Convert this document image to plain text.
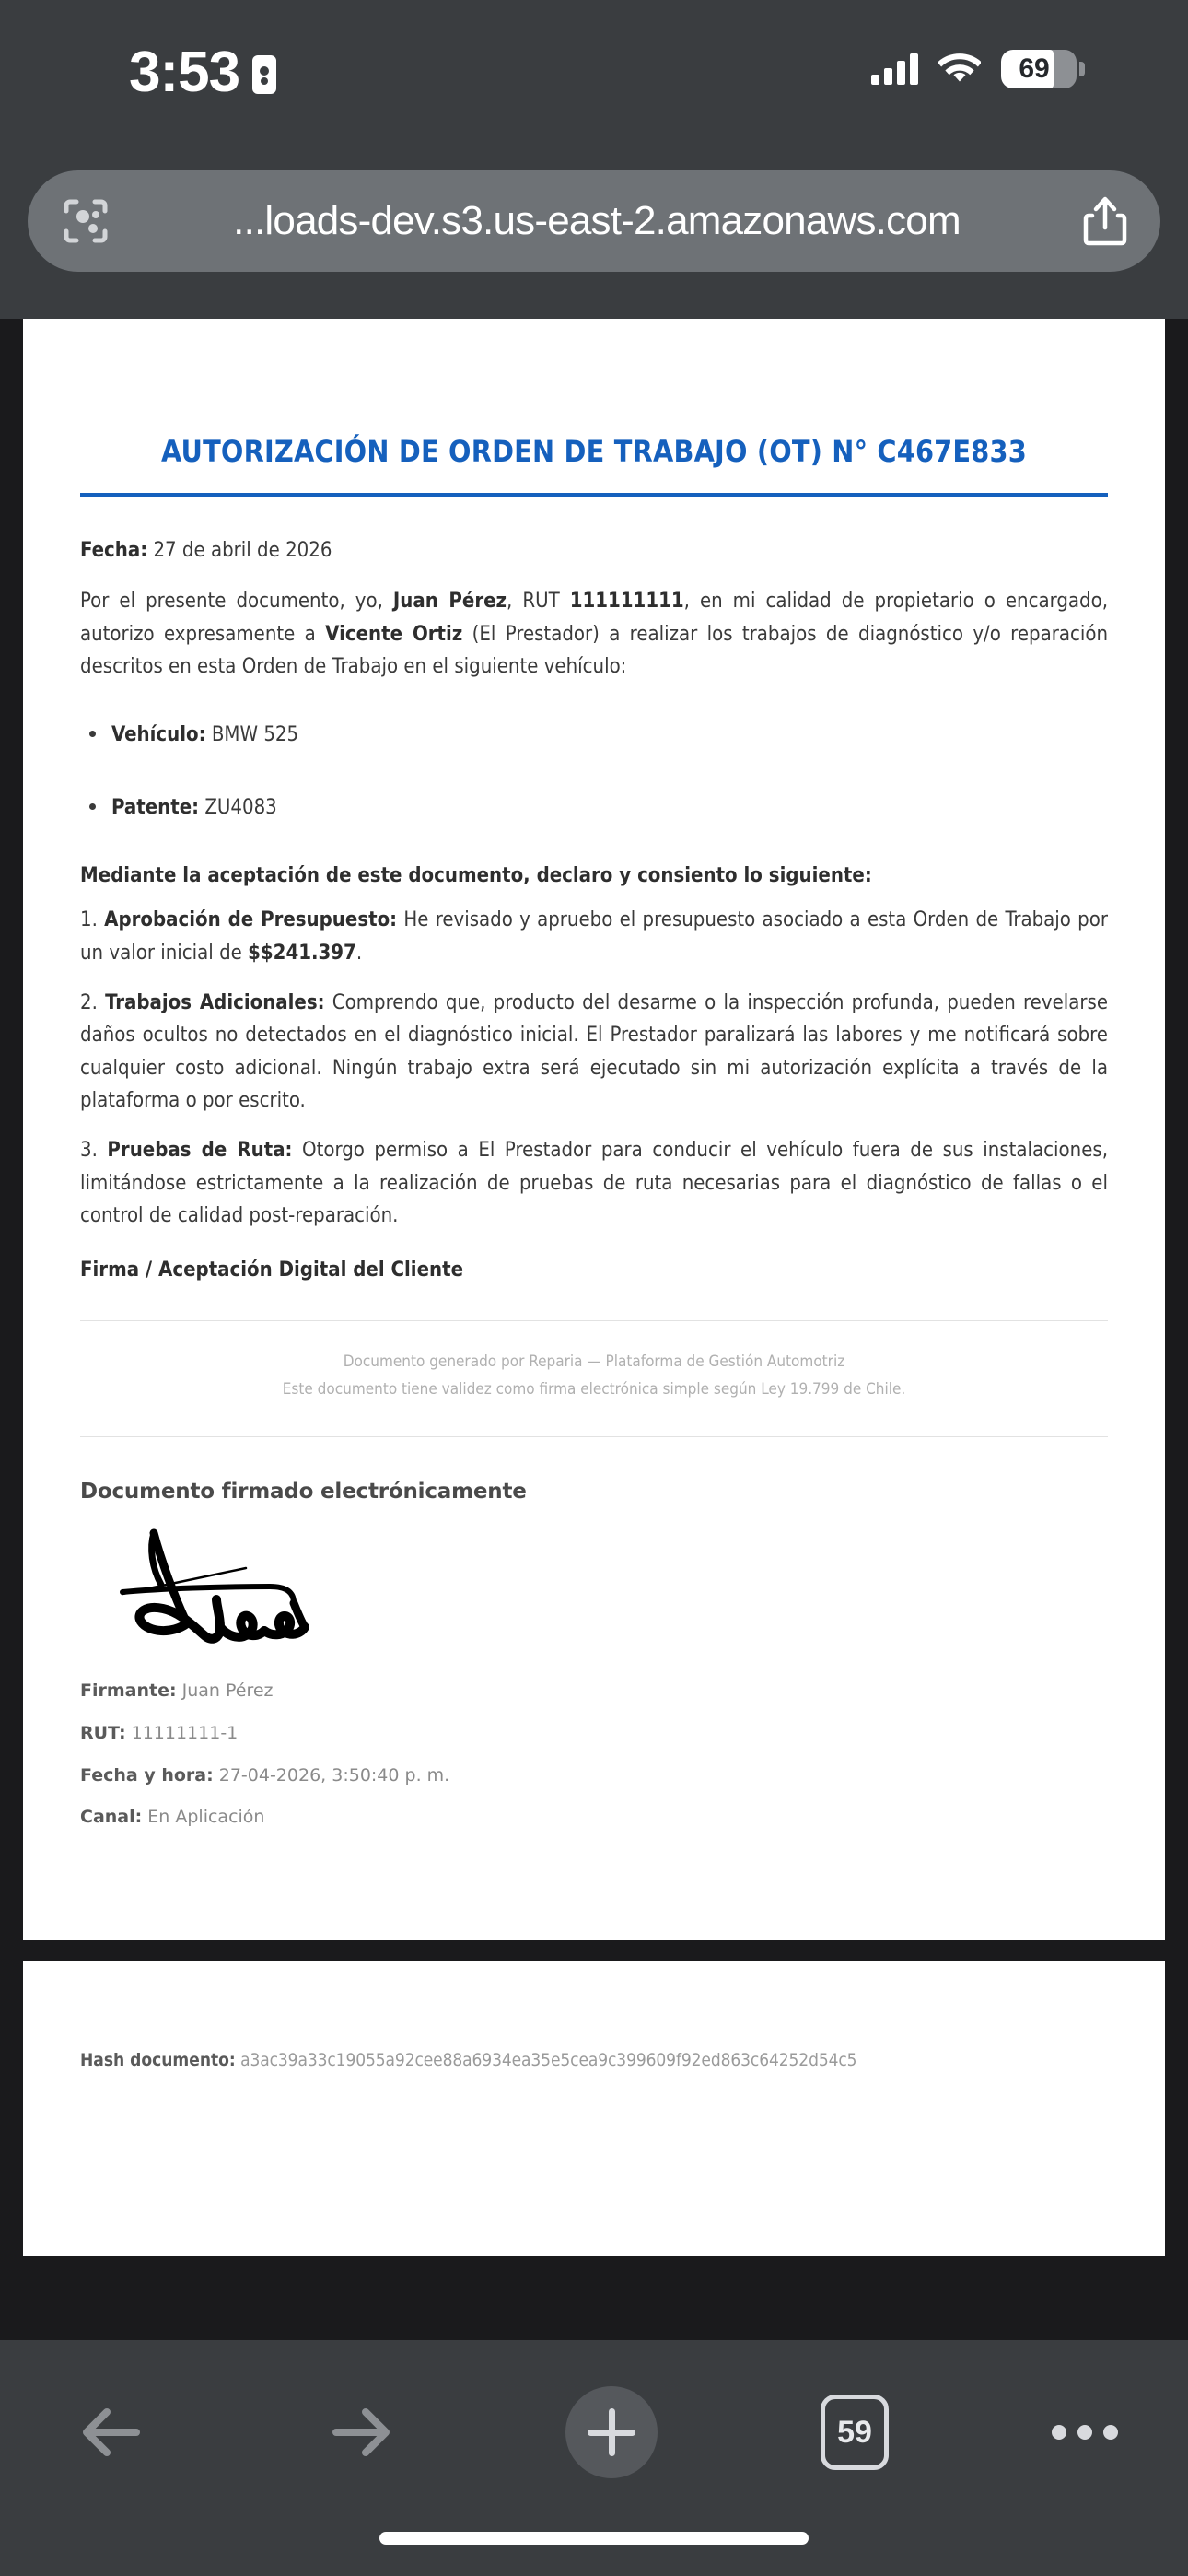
3:53	69
...loads-dev.s3.us-east-2.amazonaws.com
AUTORIZACIÓN DE ORDEN DE TRABAJO (OT) N° C467E833
Fecha: 27 de abril de 2026
Por el presente documento, yo, Juan Pérez, RUT 111111111, en mi calidad de propietario o encargado, autorizo expresamente a Vicente Ortiz (El Prestador) a realizar los trabajos de diagnóstico y/o reparación descritos en esta Orden de Trabajo en el siguiente vehículo:
Vehículo: BMW 525
Patente: ZU4083
Mediante la aceptación de este documento, declaro y consiento lo siguiente:
1. Aprobación de Presupuesto: He revisado y apruebo el presupuesto asociado a esta Orden de Trabajo por un valor inicial de $$241.397.
2. Trabajos Adicionales: Comprendo que, producto del desarme o la inspección profunda, pueden revelarse daños ocultos no detectados en el diagnóstico inicial. El Prestador paralizará las labores y me notificará sobre cualquier costo adicional. Ningún trabajo extra será ejecutado sin mi autorización explícita a través de la plataforma o por escrito.
3. Pruebas de Ruta: Otorgo permiso a El Prestador para conducir el vehículo fuera de sus instalaciones, limitándose estrictamente a la realización de pruebas de ruta necesarias para el diagnóstico de fallas o el control de calidad post-reparación.
Firma / Aceptación Digital del Cliente
Documento generado por Reparia — Plataforma de Gestión Automotriz
Este documento tiene validez como firma electrónica simple según Ley 19.799 de Chile.
Documento firmado electrónicamente
Firmante: Juan Pérez
RUT: 11111111-1
Fecha y hora: 27-04-2026, 3:50:40 p. m.
Canal: En Aplicación
Hash documento: a3ac39a33c19055a92cee88a6934ea35e5cea9c399609f92ed863c64252d54c5
59
